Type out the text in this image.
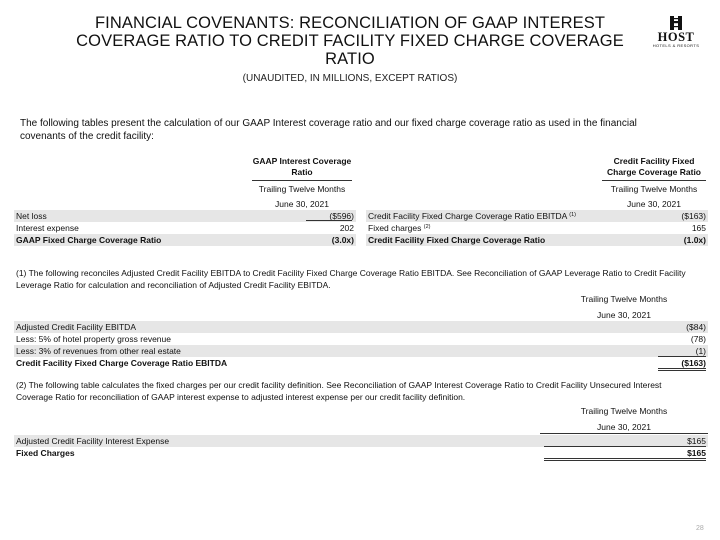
FINANCIAL COVENANTS: RECONCILIATION OF GAAP INTEREST COVERAGE RATIO TO CREDIT FACILITY FIXED CHARGE COVERAGE RATIO
(UNAUDITED, IN MILLIONS, EXCEPT RATIOS)
HOST
HOTELS & RESORTS
The following tables present the calculation of our GAAP Interest coverage ratio and our fixed charge coverage ratio as used in the financial covenants of the credit facility:
GAAP Interest Coverage Ratio
Trailing Twelve Months
June 30, 2021
Credit Facility Fixed Charge Coverage Ratio
Trailing Twelve Months
June 30, 2021
Net loss	($596)
Interest expense	202
GAAP Fixed Charge Coverage Ratio	(3.0x)
Credit Facility Fixed Charge Coverage Ratio EBITDA $^{(1)}$	($163)
Fixed charges $^{(2)}$	165
Credit Facility Fixed Charge Coverage Ratio	(1.0x)
(1) The following reconciles Adjusted Credit Facility EBITDA to Credit Facility Fixed Charge Coverage Ratio EBITDA. See Reconciliation of GAAP Leverage Ratio to Credit Facility Leverage Ratio for calculation and reconciliation of Adjusted Credit Facility EBITDA.
Trailing Twelve Months
June 30, 2021
Adjusted Credit Facility EBITDA	($84)
Less: 5% of hotel property gross revenue	(78)
Less: 3% of revenues from other real estate	(1)
Credit Facility Fixed Charge Coverage Ratio EBITDA	($163)
(2) The following table calculates the fixed charges per our credit facility definition. See Reconciliation of GAAP Interest Coverage Ratio to Credit Facility Unsecured Interest Coverage Ratio for reconciliation of GAAP interest expense to adjusted interest expense per our credit facility definition.
Trailing Twelve Months
June 30, 2021
Adjusted Credit Facility Interest Expense	$165
Fixed Charges	$165
28
